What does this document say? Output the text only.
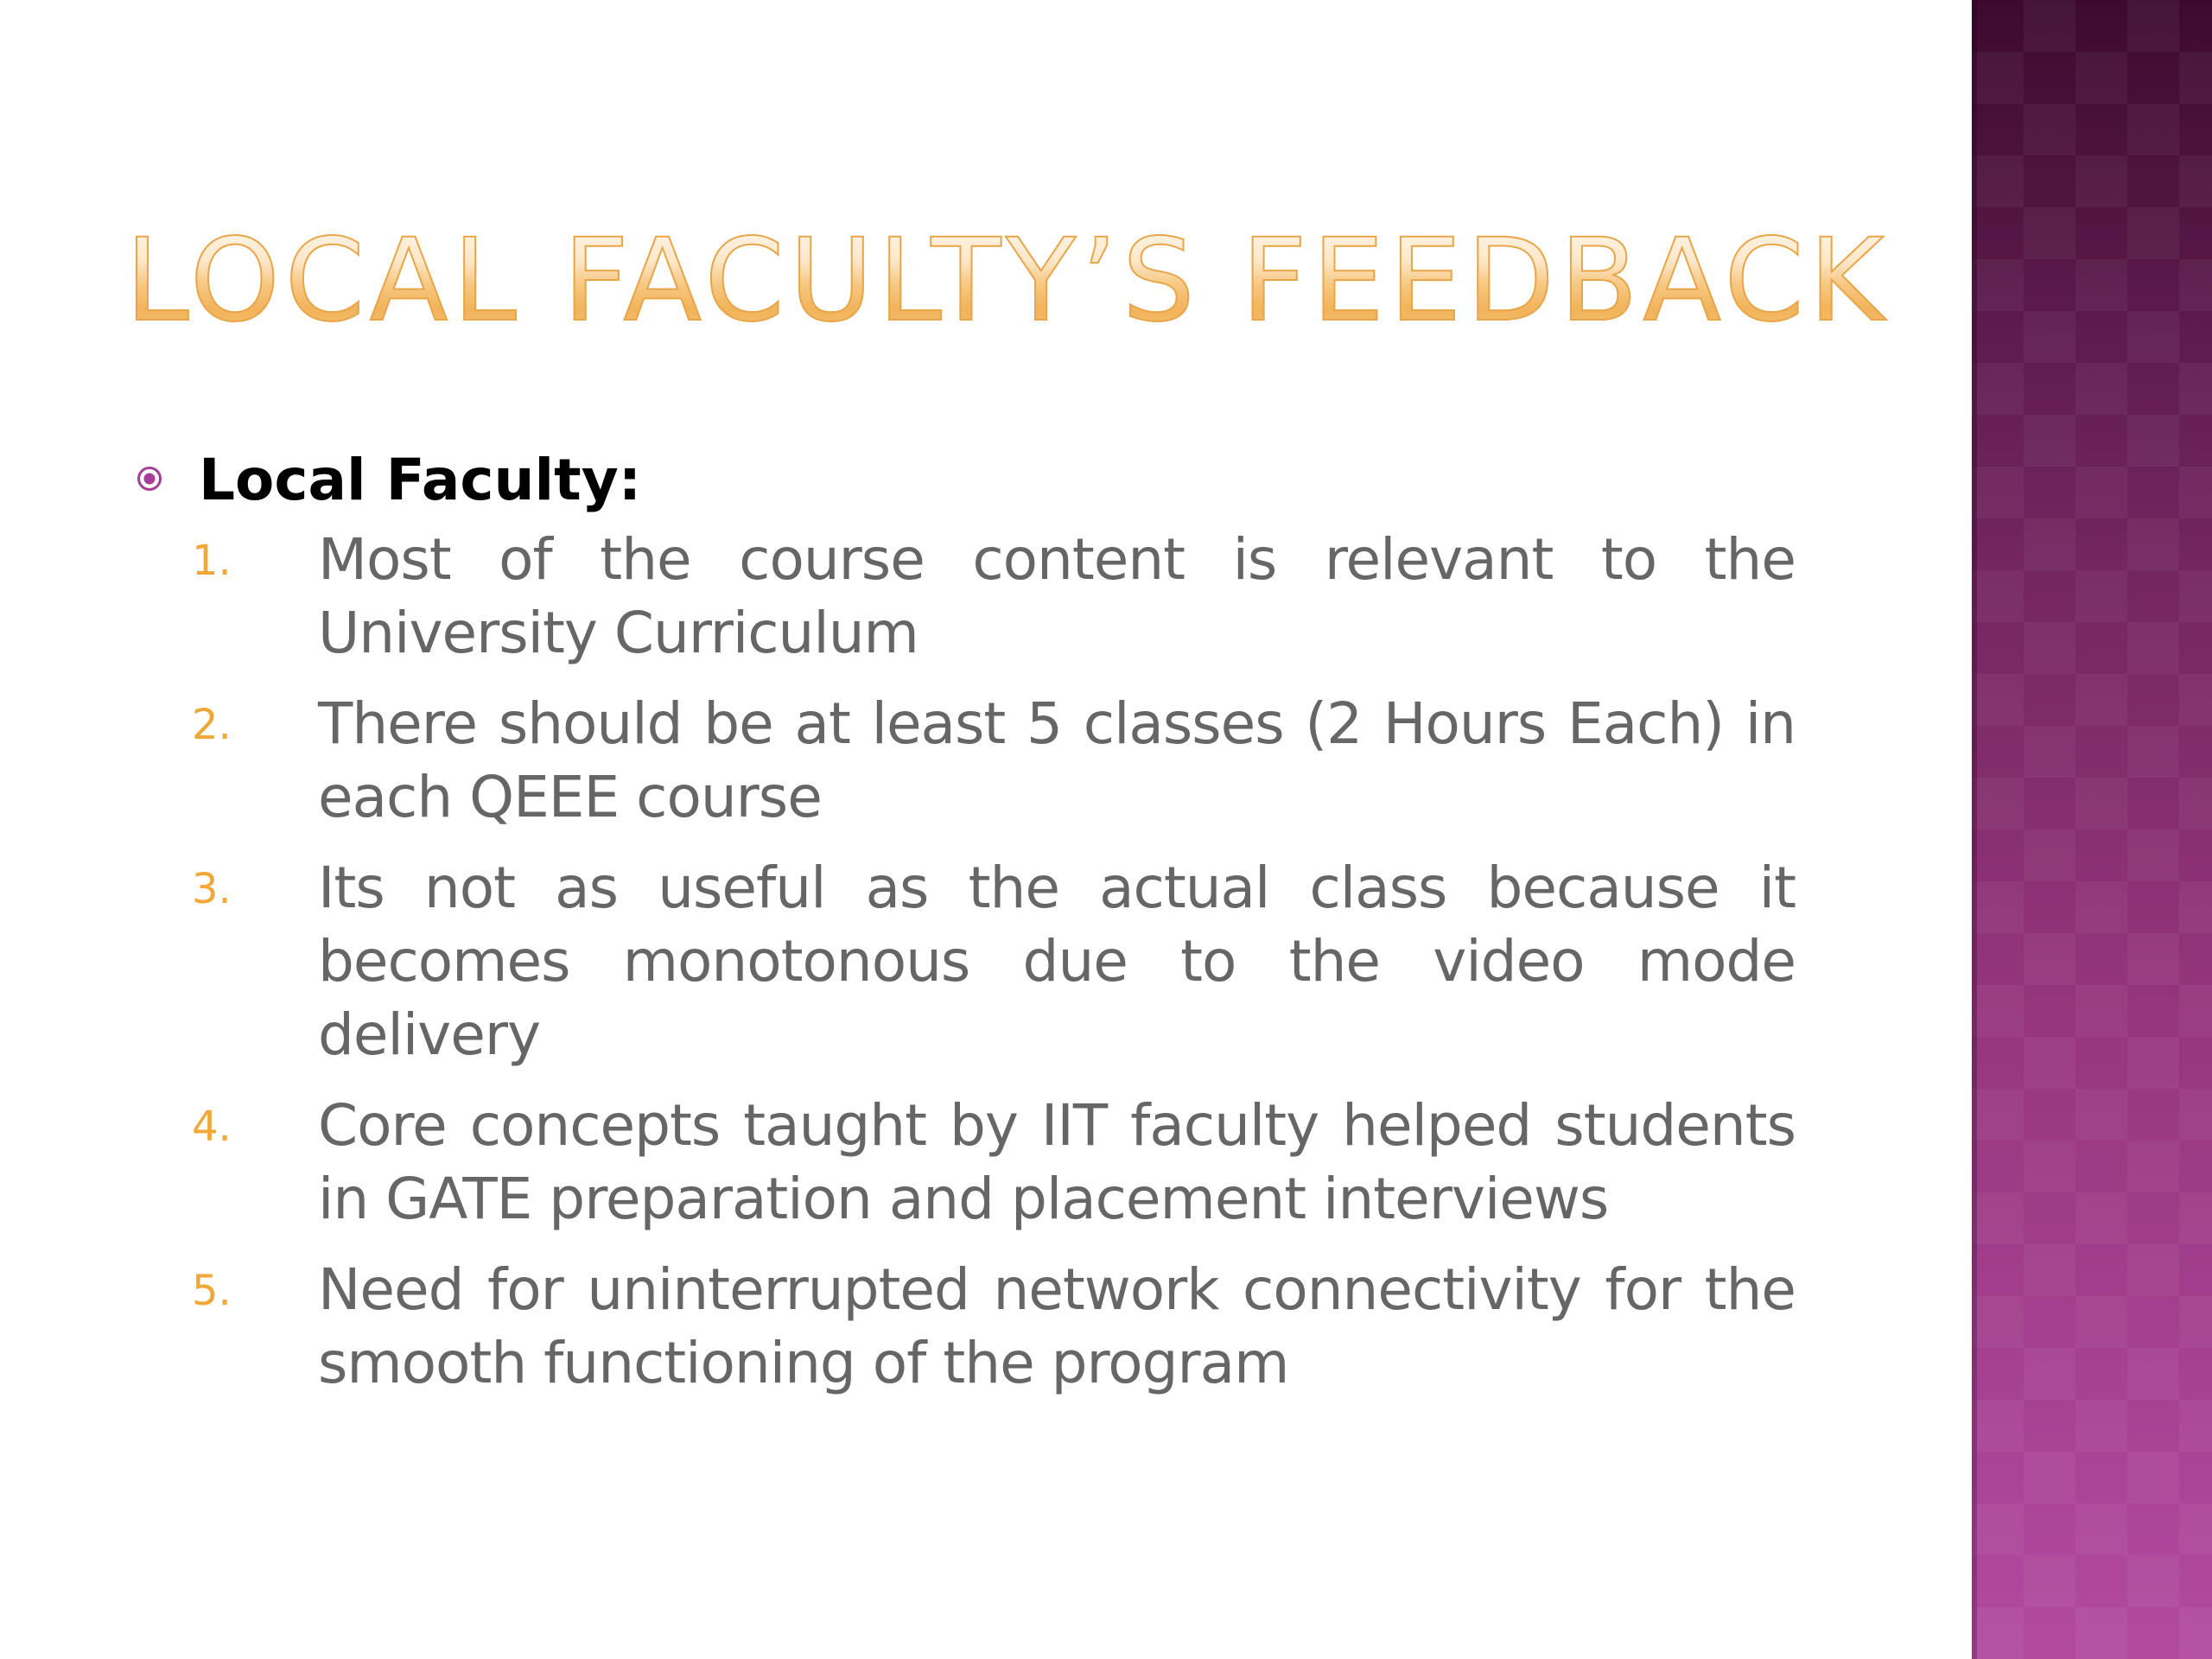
LOCAL FACULTY’S FEEDBACK
Local Faculty:
1. Most of the course content is relevant to the University Curriculum
2. There should be at least 5 classes (2 Hours Each) in each QEEE course
3. Its not as useful as the actual class because it becomes monotonous due to the video mode delivery
4. Core concepts taught by IIT faculty helped students in GATE preparation and placement interviews
5. Need for uninterrupted network connectivity for the smooth functioning of the program
